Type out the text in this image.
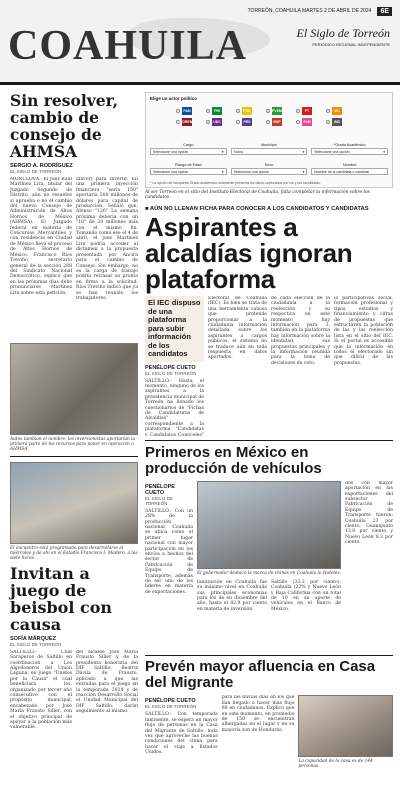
TORREÓN, COAHUILA MARTES 2 DE ABRIL DE 2024	6E
COAHUILA	El Siglo de Torreón
PERIÓDICO REGIONAL INDEPENDIENTE
Sin resolver, cambio de consejo de AHMSA
SERGIO A. RODRÍGUEZ
EL SIGLO DE TORREÓN
MONCLOVA.- El Juez Raúl Martínez Lira, titular del Juzgado Segundo de Distrito, aún no resuelve si aprueba o no el cambio del nuevo Consejo de Administración de Altos Hornos de México (AHMSA). El Juzgado federal en materia de Concursos Mercantiles y con residencia en Ciudad de México lleva el proceso de Altos Hornos de México. Francisco Ríos Treviño, secretario general de la sección 288 del Sindicato Nacional Democrático, explicó que en las próximas días debe pronunciarse Martínez Lira sobre esta petición.
afavor) para invertir. En una primera inyección financiera "sería 150" aportaría 500 millones de dólares para capital de producción. Señaló que, Alonso "126" La semana próxima debería con un "10" de 30 millones más con el mismo fin. Tomando como ese el 4 de abril, el juez Martínez Lira podría acceder al dictamen a la propuesta presentada por Ancira para el cambio de Consejo. Sin embargo, no es la carga de trabajo podría retrasar su pronta en firma a la solicitud. Ríos Treviño indicó que ya se han reunido los trabajadores.
Autos tambian el nombre, los inversionistas aportarían la primera parte de los recursos para poner en operación a AHMSA.
El encuentro está programado para desarrollarse el miércoles y de ahí en el Estadio Francisco I. Madero, a las siete horas.
Invitan a juego de beisbol con causa
SOFÍA MÁRQUEZ
EL SIGLO DE TORREÓN
SALTILLO.- Club Saraperos de Saltillo en coordinación a Los Algodoneros del Unión Laguna, en juego "Unidos por la Causa" el cual beneficiará los, organizado por tercer año consecutivo con el propósito municipal, encabezado por José María Frausto Siller, con el objetivo principal de apoyar a la población más vulnerable.
del alcalde José María Frausto Siller y de la presidenta honoraria del DIF Saltillo, Beatriz Dávila de Frausto, aplicado a que las entradas para el juego en la temporada 2024 y de reacción Desarrollo Social el Unidad Municipal del DIF Saltillo, darán seguimiento al mismo.
Elige un actor político
PAN	PRI	PRD	PVEM	PT	MC
MORENA	UDC	PES	RSP	FxM	IND
Cargo
Seleccione una opción	▾
Municipio
Todos	▾
*Grado Académico
Seleccione una opción	▾
Rango de Edad
Seleccione una opción	▾
Sexo
Seleccione una opción	▾
Nombre
Nombre de la candidata o candidat
* La opción de búsqueda Grado académico solamente presenta los datos capturados por los y las candidatas.
Al ser Torreón en el sitio del Instituto Electoral de Coahuila, falta completar la información sobre los candidatos.
■ AÚN NO LLENAN FICHA PARA CONOCER A LOS CANDIDATOS Y CANDIDATAS
Aspirantes a alcaldías ignoran plataforma
El IEC dispuso de una plataforma para subir información de los candidatos
PENÉLOPE CUETO
EL SIGLO DE TORREÓN
SALTILLO.- Hasta el momento, ninguno de los aspirantes a la presidencia municipal de Torreón ha llenado los cuestionarios de "Fichas de Candidaturas de Alcaldías" correspondiente a la plataforma "Candidatas y Candidatos Conóceles"
Electoral de Coahuila (IEC). Es bien se trata de una herramienta valiosa que pretende proporcionar a la ciudadanía información detallada sobre los aspirantes a cargos públicos, el sistema no se traduce aún en toda respuesta en datos aportados.
de cada elección de la ciudadanía a la reelección y su respectiva en este momento hay información para 3, también en la plataforma hay información sobre la identidad, sus propuestas principales y la información reunida para la toma de decisiones de voto.
lo participativas social, formación profesional y tipos, estudios y financiamiento y cifras de propuestas que estructuren la población de las y las reelección lista en el sitio del IEC. Si el portal es accesible que la información en todos el electorado sin que difícil de las propuestas.
Primeros en México en producción de vehículos
PENÉLOPE CUETO
EL SIGLO DE TORREÓN
SALTILLO.- Con un 28% de la producción nacional, Coahuila se ubica como el primer lugar nacional con mayor participación en los envíos a hechos del sector de Fabricación de Equipo de Transporte, además de ser uno de los líderes en materia de exportaciones.
El gobernador destacó la marca de chinas en Coahuila lo Hoteles.
tamización en Coahuila fue su máximo nivel en Coahuila sus principales economías para los de en diciembre del año, hasta el 82.9 por ciento en materia de inversión.
Saltillo (33.2 por ciento), Coahuila (22% y Nuevo León y Baja California con un total de 10 en su aporte de vehículos en el Banco de México.
dos con mayor aportación en las exportaciones del subsector Fabricación de Equipo de Transporte fueron: Coahuila 23 por ciento, Guanajuato 13.8 por ciento y Nuevo León 8.3 por ciento.
Prevén mayor afluencia en Casa del Migrante
PENÉLOPE CUETO
EL SIGLO DE TORREÓN
SALTILLO.- Con temporada inminente, se espera un mayor flujo de personas en la Casa del Migrante de Saltillo, toda vez que aproveche las buenas condiciones del clima para hacer el viaje a Estados Unidos.
para las lluvias días en los que lían llegado a hacer más flujo 80 en ciudadanos. Explicó que en este momento, en promedio de 150 se encuentran albergadas en el lugar y en su mayoría son de Honduras.
La capacidad de la casa es de 144 personas.
